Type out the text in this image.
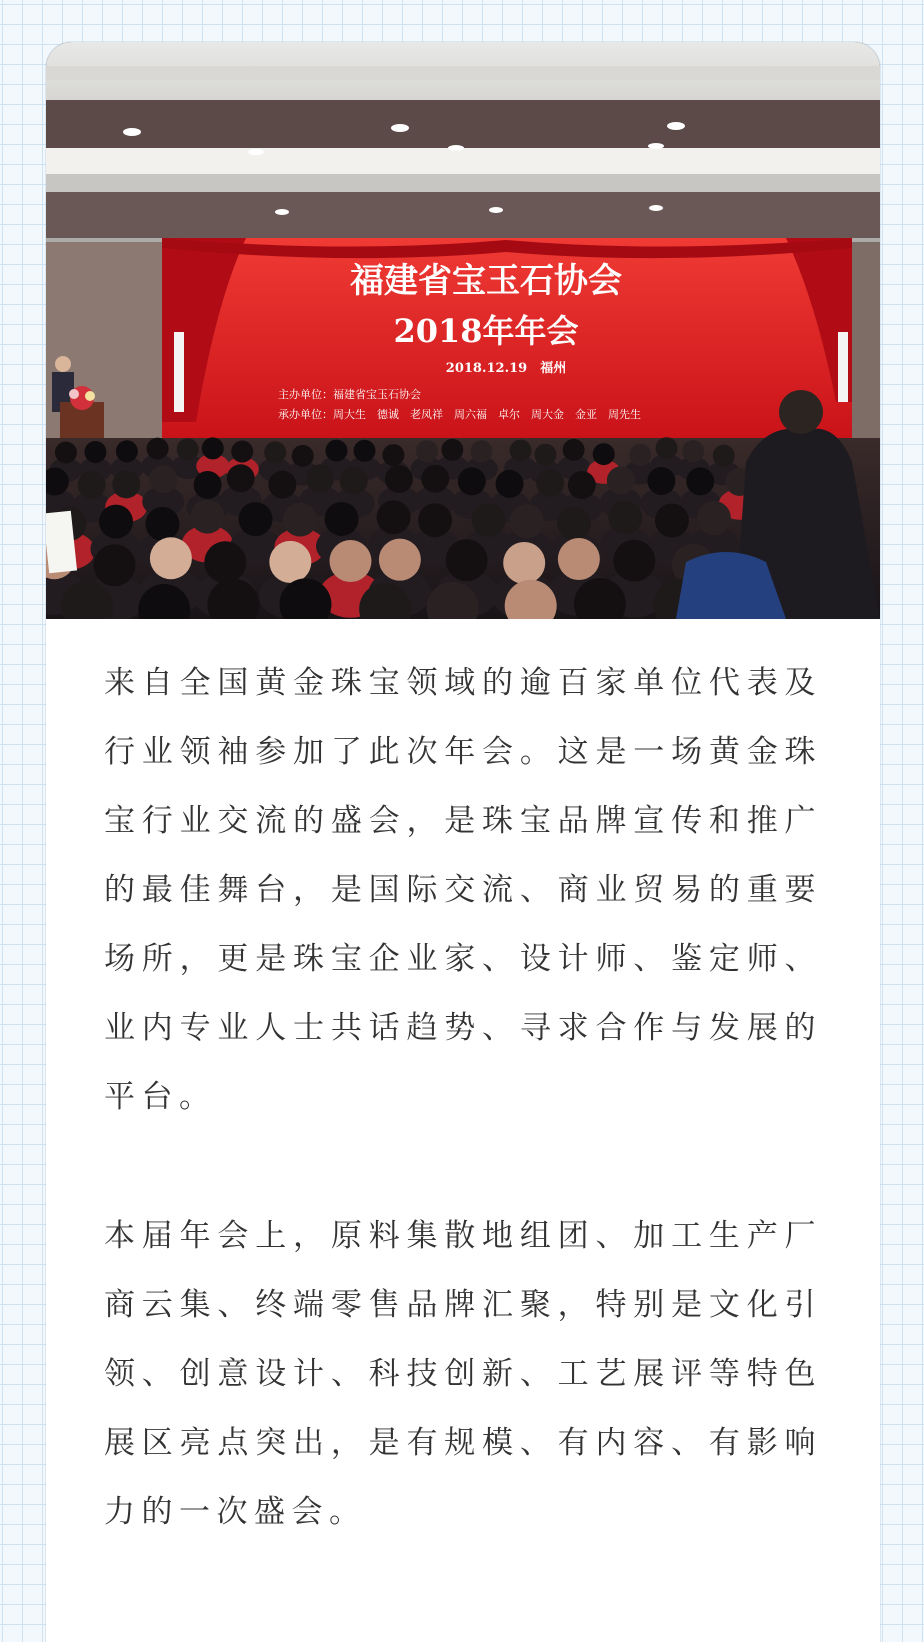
福建省宝玉石协会
2018年年会
2018.12.19　福州
主办单位：福建省宝玉石协会
承办单位：周大生　德诚　老凤祥　周六福　卓尔　周大金　金亚　周先生

来自全国黄金珠宝领域的逾百家单位代表及行业领袖参加了此次年会。这是一场黄金珠宝行业交流的盛会，是珠宝品牌宣传和推广的最佳舞台，是国际交流、商业贸易的重要场所，更是珠宝企业家、设计师、鉴定师、业内专业人士共话趋势、寻求合作与发展的平台。

本届年会上，原料集散地组团、加工生产厂商云集、终端零售品牌汇聚，特别是文化引领、创意设计、科技创新、工艺展评等特色展区亮点突出，是有规模、有内容、有影响力的一次盛会。
